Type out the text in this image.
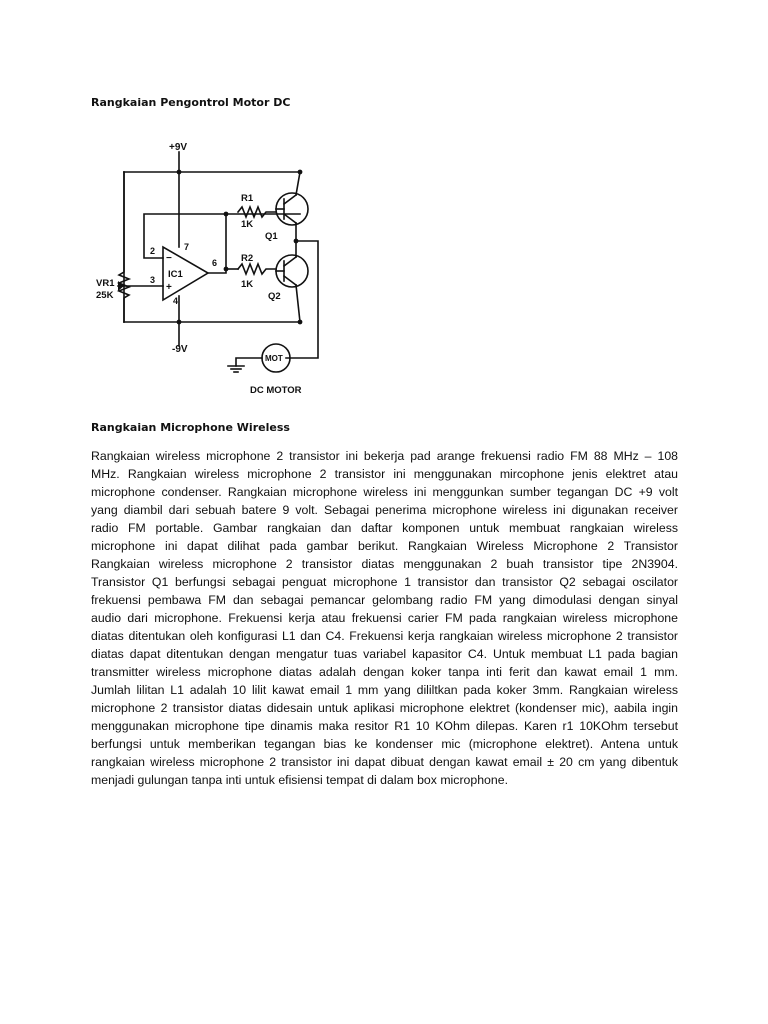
Rangkaian Pengontrol Motor DC
+9V
-9V
R1
1K
R2
1K
Q1
Q2
IC1
VR1
25K
2
3
4
6
7
−
+
MOT
DC MOTOR
Rangkaian Microphone Wireless
Rangkaian wireless microphone 2 transistor ini bekerja pad arange frekuensi radio FM 88 MHz – 108
MHz. Rangkaian wireless microphone 2 transistor ini menggunakan mircophone jenis elektret atau
microphone condenser. Rangkaian microphone wireless ini menggunkan sumber tegangan DC +9 volt
yang diambil dari sebuah batere 9 volt. Sebagai penerima microphone wireless ini digunakan receiver
radio FM portable. Gambar rangkaian dan daftar komponen untuk membuat rangkaian wireless
microphone ini dapat dilihat pada gambar berikut. Rangkaian Wireless Microphone 2 Transistor
Rangkaian wireless microphone 2 transistor diatas menggunakan 2 buah transistor tipe 2N3904.
Transistor Q1 berfungsi sebagai penguat microphone 1 transistor dan transistor Q2 sebagai oscilator
frekuensi pembawa FM dan sebagai pemancar gelombang radio FM yang dimodulasi dengan sinyal
audio dari microphone. Frekuensi kerja atau frekuensi carier FM pada rangkaian wireless microphone
diatas ditentukan oleh konfigurasi L1 dan C4. Frekuensi kerja rangkaian wireless microphone 2 transistor
diatas dapat ditentukan dengan mengatur tuas variabel kapasitor C4. Untuk membuat L1 pada bagian
transmitter wireless microphone diatas adalah dengan koker tanpa inti ferit dan kawat email 1 mm.
Jumlah lilitan L1 adalah 10 lilit kawat email 1 mm yang dililtkan pada koker 3mm. Rangkaian wireless
microphone 2 transistor diatas didesain untuk aplikasi microphone elektret (kondenser mic), aabila ingin
menggunakan microphone tipe dinamis maka resitor R1 10 KOhm dilepas. Karen r1 10KOhm tersebut
berfungsi untuk memberikan tegangan bias ke kondenser mic (microphone elektret). Antena untuk
rangkaian wireless microphone 2 transistor ini dapat dibuat dengan kawat email ± 20 cm yang dibentuk
menjadi gulungan tanpa inti untuk efisiensi tempat di dalam box microphone.
